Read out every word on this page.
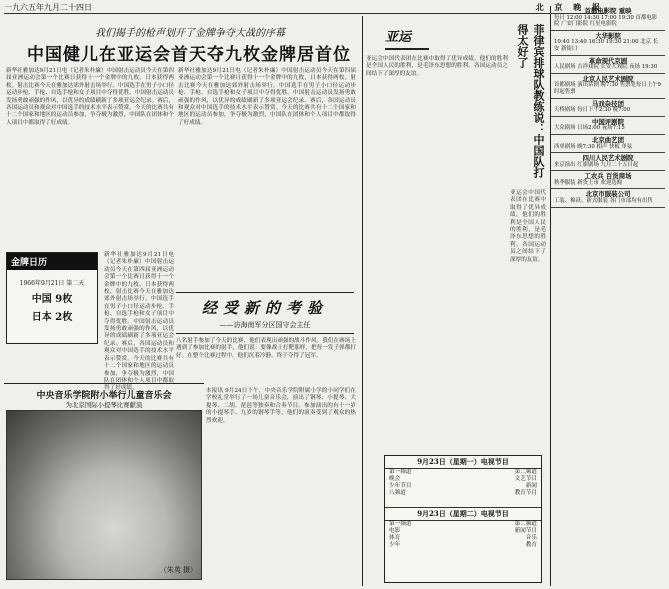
一九六五年九月二十四日	北 京 晚 报
我们揭手的枪声划开了金牌争夺大战的序幕
中国健儿在亚运会首天夺九枚金牌居首位
新华社雅加达9月21日电（记者朱朴廉）中国射击运动员今天在第四届亚洲运动会第一个比赛日获得十一个金牌中的九枚，日本获得两枚。射击比赛今天在雅加达郊外射击场举行。中国选手在男子小口径运动步枪、手枪、自选手枪和女子项目中夺得优胜。中国射击运动员发扬勇敢顽强的作风，以优异的成绩刷新了多项亚运会纪录。赛后，各国运动员和观众对中国选手的技术水平表示赞赏。今天的比赛共有十二个国家和地区的运动员参加，争夺极为激烈，中国队在团体和个人项目中都取得了好成绩。
新华社雅加达9月21日电（记者朱朴廉）中国射击运动员今天在第四届亚洲运动会第一个比赛日获得十一个金牌中的九枚，日本获得两枚。射击比赛今天在雅加达郊外射击场举行。中国选手在男子小口径运动步枪、手枪、自选手枪和女子项目中夺得优胜。中国射击运动员发扬勇敢顽强的作风，以优异的成绩刷新了多项亚运会纪录。赛后，各国运动员和观众对中国选手的技术水平表示赞赏。今天的比赛共有十二个国家和地区的运动员参加，争夺极为激烈，中国队在团体和个人项目中都取得了好成绩。
金牌日历
1966年9月21日 第二天
中国 9枚
日本 2枚
新华社雅加达9月21日电（记者朱朴廉）中国射击运动员今天在第四届亚洲运动会第一个比赛日获得十一个金牌中的九枚，日本获得两枚。射击比赛今天在雅加达郊外射击场举行。中国选手在男子小口径运动步枪、手枪、自选手枪和女子项目中夺得优胜。中国射击运动员发扬勇敢顽强的作风，以优异的成绩刷新了多项亚运会纪录。赛后，各国运动员和观众对中国选手的技术水平表示赞赏。今天的比赛共有十二个国家和地区的运动员参加，争夺极为激烈，中国队在团体和个人项目中都取得了好成绩。
中央音乐学院附小举行儿童音乐会
为北京国际小提琴比赛献演
（朱英 摄）
本报讯 9月24日下午，中央音乐学院附属小学的小同学们在学校礼堂举行了一场儿童音乐会，演出了钢琴、小提琴、大提琴、二胡、琵琶等独奏和合奏节目。参加演出的有十一岁的小提琴手、九岁的钢琴手等。他们的演奏受到了观众的热烈欢迎。
经受新的考验
——访海南军分区国守会主任
八名射手参加了今天的比赛，他们表现出顽强的战斗作风。我们在赛场上遇到了参加比赛的射手，他们说：要像战士打靶那样，把每一发子弹都打好。在整个比赛过程中，他们沉着冷静，终于夺得了冠军。
亚运
亚运会中国代表团在比赛中取得了优异成绩。他们的胜利是全国人民的胜利，是毛泽东思想的胜利。各国运动员之间结下了深厚的友谊。	菲律宾排球队教练说：中国队打得太好了
亚运会中国代表团在比赛中取得了优异成绩。他们的胜利是全国人民的胜利，是毛泽东思想的胜利。各国运动员之间结下了深厚的友谊。
9月23日（星期一）电视节目
第一频道	第二频道
晚会	文艺节目
少年节目	新闻
八频道	教育节目
9月23日（星期二）电视节目
第一频道	第二频道
电影	新闻节目
体育	音乐
少年	教育
首都电影院 重映
每日 12:00 14:30 17:00 19:30 首都电影院 广安门影院 红星电影院
大华影院
10:40 13:40 16:30 19:30 21:00 北京 长安 新街口
革命现代京剧
人民剧场 吉祥戏院 长安大戏院 夜场 19:30
北京人民艺术剧院
首都剧场 演出话剧 晚7:30 售票处每日上午9时起售票
马戏杂技团
天桥剧场 每日下午2:30 晚7:00
中国评剧院
大众剧场 日场2:00 夜场7:15
北京曲艺团
西单剧场 晚7:30 相声 快板 单弦
四川人民艺术剧院
来京演出 红旗剧场 九月二十五日起
工农兵 百货商场
秋季服装 新货上市 欢迎选购
北京市服装公司
工装、棉袄、新式服装 各门市部均有出售
